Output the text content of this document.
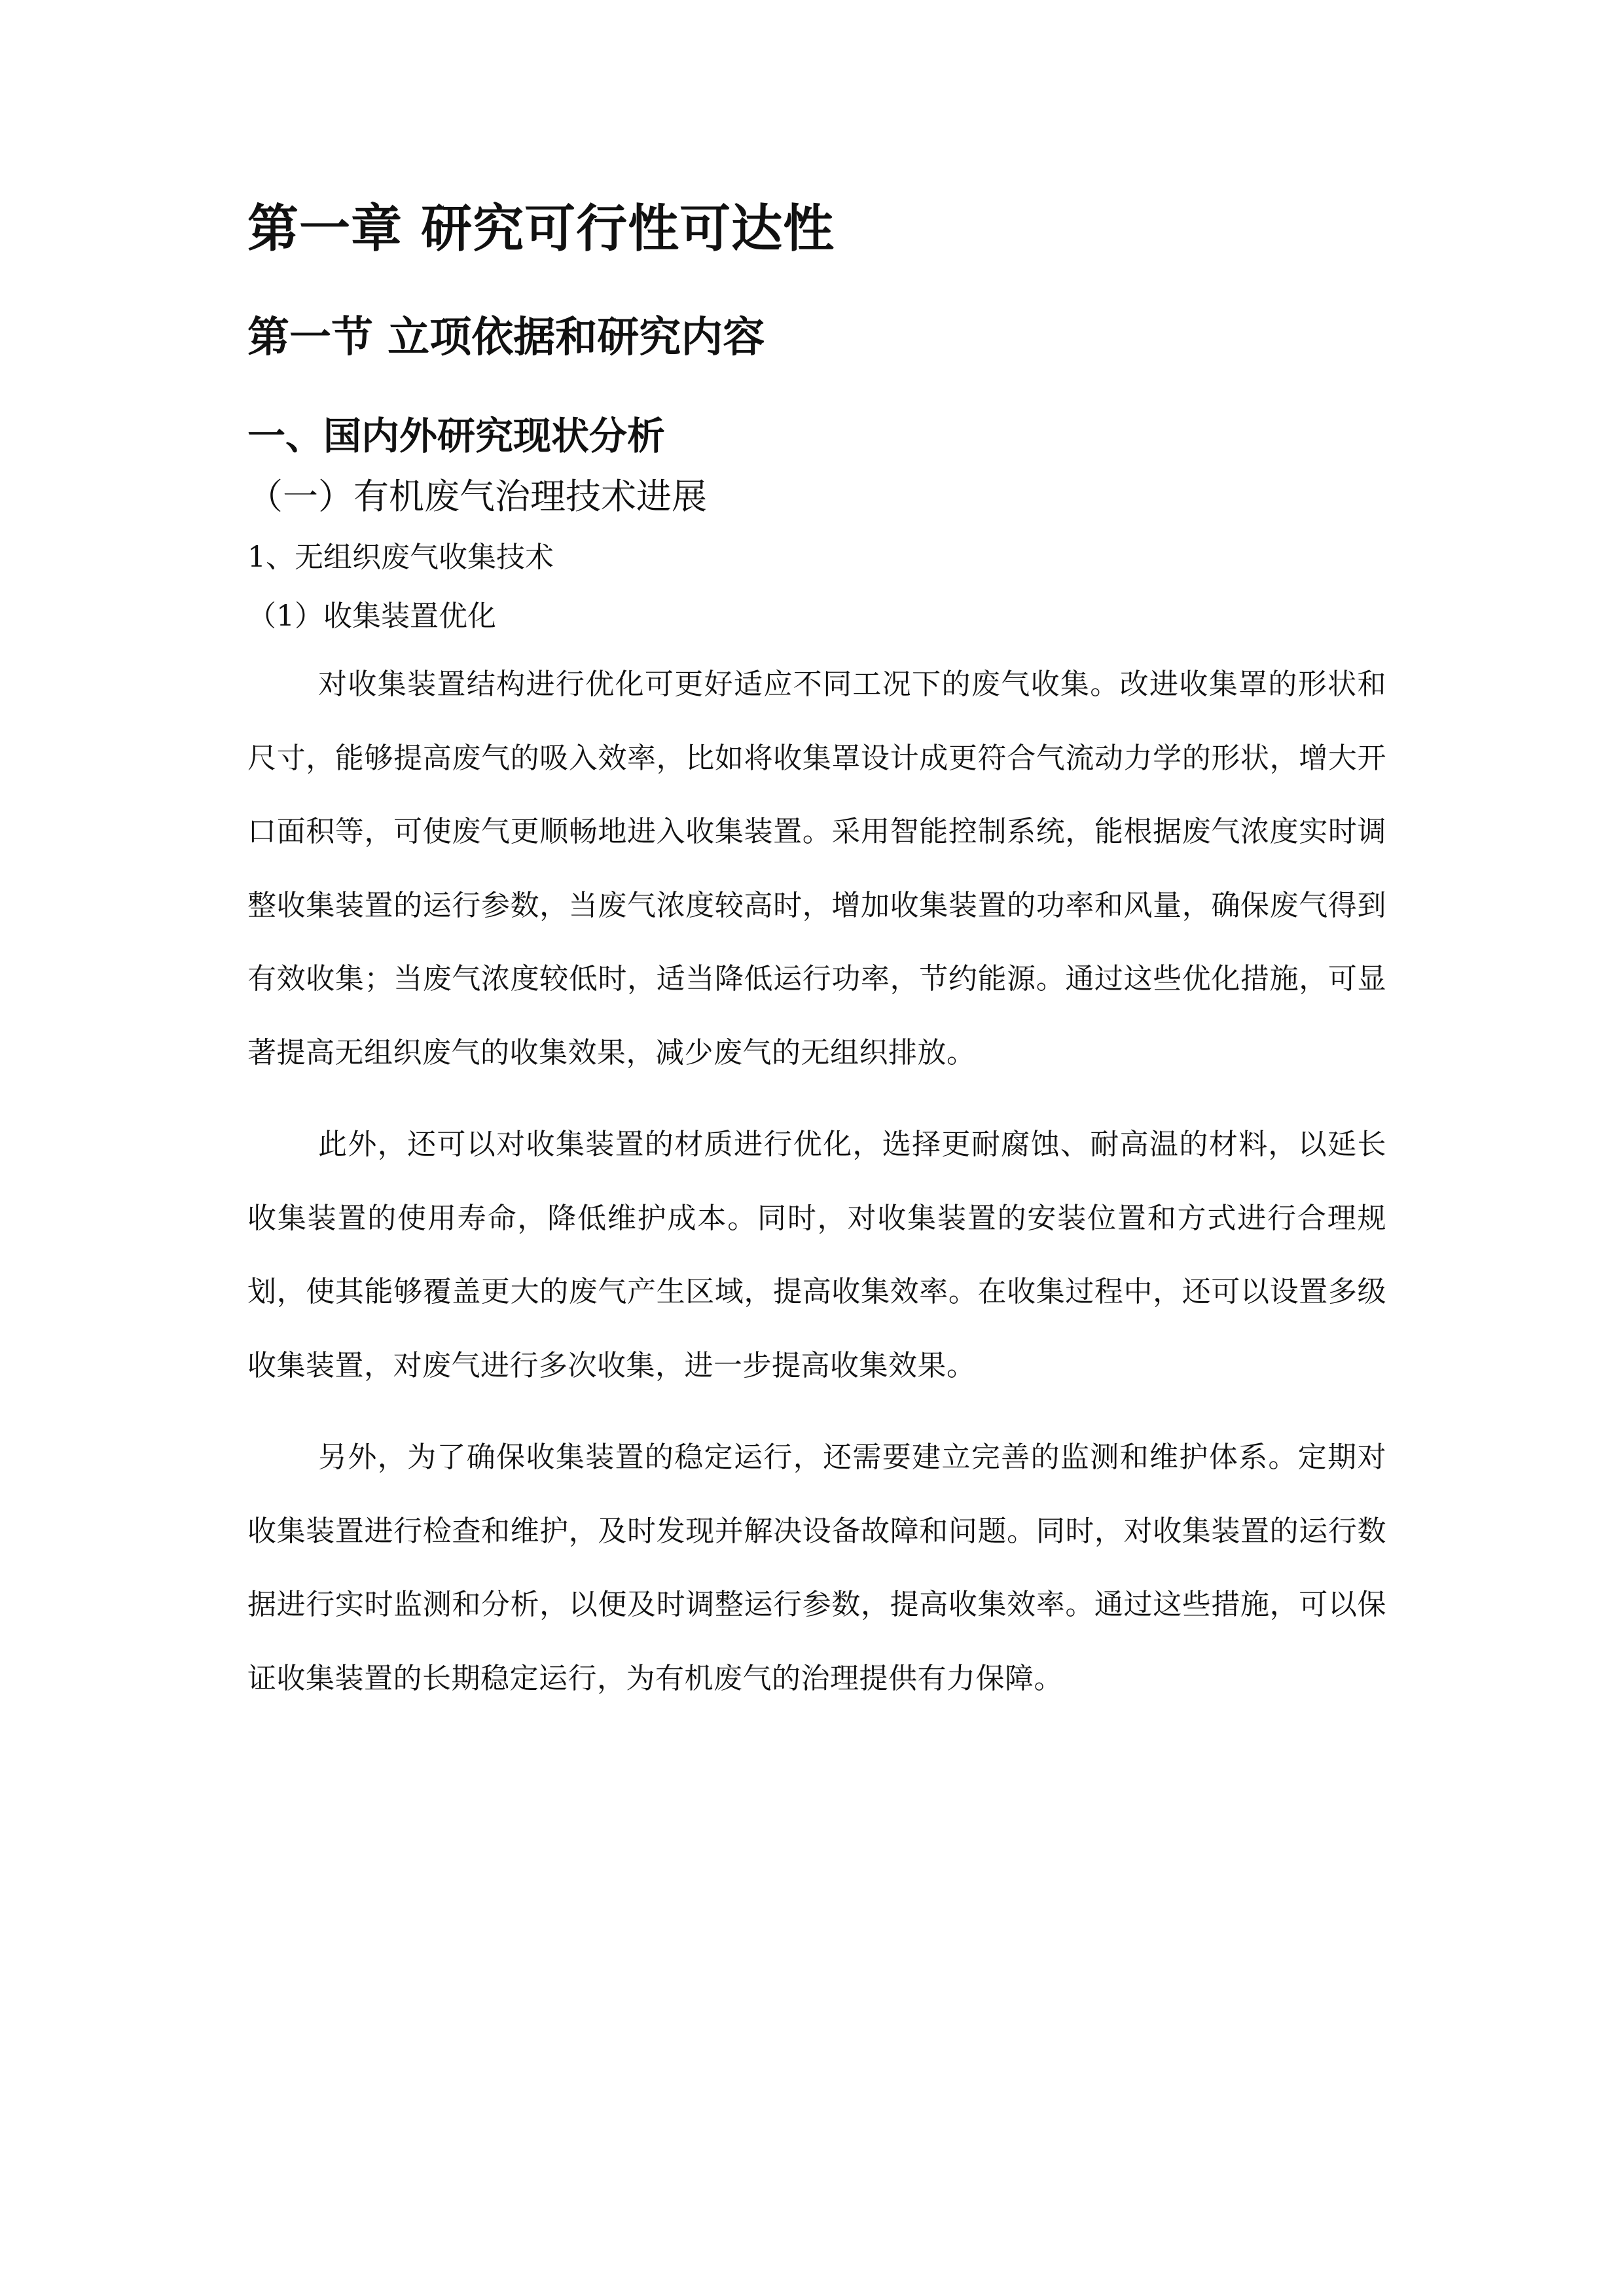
第一章 研究可行性可达性
第一节 立项依据和研究内容
一、国内外研究现状分析
（一）有机废气治理技术进展
1、无组织废气收集技术
（1）收集装置优化

对收集装置结构进行优化可更好适应不同工况下的废气收集。改进收集罩的形状和尺寸，能够提高废气的吸入效率，比如将收集罩设计成更符合气流动力学的形状，增大开口面积等，可使废气更顺畅地进入收集装置。采用智能控制系统，能根据废气浓度实时调整收集装置的运行参数，当废气浓度较高时，增加收集装置的功率和风量，确保废气得到有效收集；当废气浓度较低时，适当降低运行功率，节约能源。通过这些优化措施，可显著提高无组织废气的收集效果，减少废气的无组织排放。

此外，还可以对收集装置的材质进行优化，选择更耐腐蚀、耐高温的材料，以延长收集装置的使用寿命，降低维护成本。同时，对收集装置的安装位置和方式进行合理规划，使其能够覆盖更大的废气产生区域，提高收集效率。在收集过程中，还可以设置多级收集装置，对废气进行多次收集，进一步提高收集效果。

另外，为了确保收集装置的稳定运行，还需要建立完善的监测和维护体系。定期对收集装置进行检查和维护，及时发现并解决设备故障和问题。同时，对收集装置的运行数据进行实时监测和分析，以便及时调整运行参数，提高收集效率。通过这些措施，可以保证收集装置的长期稳定运行，为有机废气的治理提供有力保障。
